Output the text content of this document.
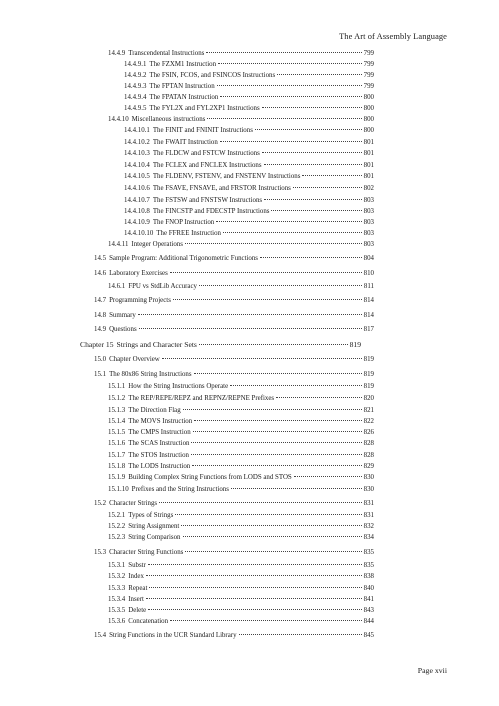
The Art of Assembly Language
14.4.9 Transcendental Instructions	799
14.4.9.1 The FZXM1 Instruction	799
14.4.9.2 The FSIN, FCOS, and FSINCOS Instructions	799
14.4.9.3 The FPTAN Instruction	799
14.4.9.4 The FPATAN Instruction	800
14.4.9.5 The FYL2X and FYL2XP1 Instructions	800
14.4.10 Miscellaneous instructions	800
14.4.10.1 The FINIT and FNINIT Instructions	800
14.4.10.2 The FWAIT Instruction	801
14.4.10.3 The FLDCW and FSTCW Instructions	801
14.4.10.4 The FCLEX and FNCLEX Instructions	801
14.4.10.5 The FLDENV, FSTENV, and FNSTENV Instructions	801
14.4.10.6 The FSAVE, FNSAVE, and FRSTOR Instructions	802
14.4.10.7 The FSTSW and FNSTSW Instructions	803
14.4.10.8 The FINCSTP and FDECSTP Instructions	803
14.4.10.9 The FNOP Instruction	803
14.4.10.10 The FFREE Instruction	803
14.4.11 Integer Operations	803
14.5 Sample Program: Additional Trigonometric Functions	804
14.6 Laboratory Exercises	810
14.6.1 FPU vs StdLib Accuracy	811
14.7 Programming Projects	814
14.8 Summary	814
14.9 Questions	817
Chapter 15 Strings and Character Sets	819
15.0 Chapter Overview	819
15.1 The 80x86 String Instructions	819
15.1.1 How the String Instructions Operate	819
15.1.2 The REP/REPE/REPZ and REPNZ/REPNE Prefixes	820
15.1.3 The Direction Flag	821
15.1.4 The MOVS Instruction	822
15.1.5 The CMPS Instruction	826
15.1.6 The SCAS Instruction	828
15.1.7 The STOS Instruction	828
15.1.8 The LODS Instruction	829
15.1.9 Building Complex String Functions from LODS and STOS	830
15.1.10 Prefixes and the String Instructions	830
15.2 Character Strings	831
15.2.1 Types of Strings	831
15.2.2 String Assignment	832
15.2.3 String Comparison	834
15.3 Character String Functions	835
15.3.1 Substr	835
15.3.2 Index	838
15.3.3 Repeat	840
15.3.4 Insert	841
15.3.5 Delete	843
15.3.6 Concatenation	844
15.4 String Functions in the UCR Standard Library	845
Page xvii
